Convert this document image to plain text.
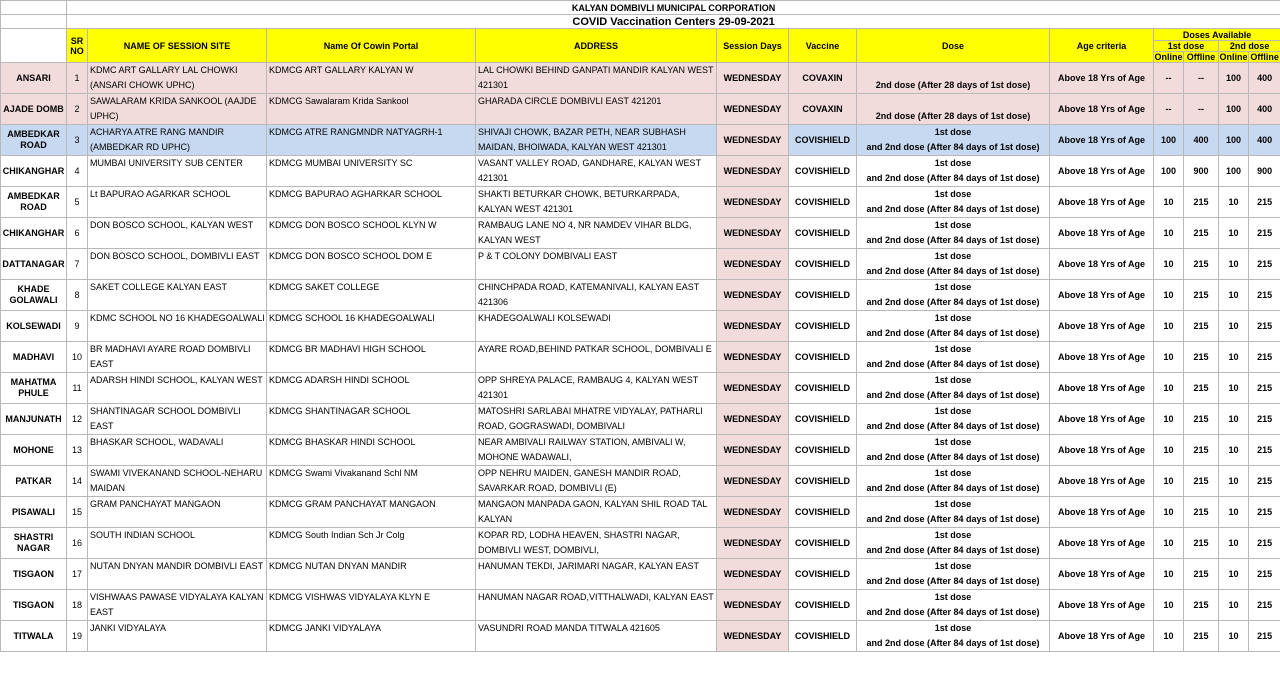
	KALYAN DOMBIVLI MUNICIPAL CORPORATION											
	COVID Vaccination Centers 29-09-2021											
	SR NO	NAME OF SESSION SITE	Name Of Cowin Portal	ADDRESS	Session Days	Vaccine	Dose	Age criteria	Doses Available			
									1st dose		2nd dose	
									Online	Offline	Online	Offline
ANSARI	1	KDMC ART GALLARY LAL CHOWKI (ANSARI CHOWK UPHC)	KDMCG ART GALLARY KALYAN W	LAL CHOWKI BEHIND GANPATI MANDIR KALYAN WEST 421301	WEDNESDAY	COVAXIN	2nd dose (After 28 days of 1st dose)	Above 18 Yrs of Age	--	--	100	400
AJADE DOMB	2	SAWALARAM KRIDA SANKOOL (AAJDE UPHC)	KDMCG Sawalaram Krida Sankool	GHARADA CIRCLE DOMBIVLI EAST 421201	WEDNESDAY	COVAXIN	2nd dose (After 28 days of 1st dose)	Above 18 Yrs of Age	--	--	100	400
AMBEDKAR ROAD	3	ACHARYA ATRE RANG MANDIR (AMBEDKAR RD UPHC)	KDMCG ATRE RANGMNDR NATYAGRH-1	SHIVAJI CHOWK, BAZAR PETH, NEAR SUBHASH MAIDAN, BHOIWADA, KALYAN WEST 421301	WEDNESDAY	COVISHIELD	1st dose
and 2nd dose (After 84 days of 1st dose)	Above 18 Yrs of Age	100	400	100	400
CHIKANGHAR	4	MUMBAI UNIVERSITY SUB CENTER	KDMCG MUMBAI UNIVERSITY SC	VASANT VALLEY ROAD, GANDHARE, KALYAN WEST 421301	WEDNESDAY	COVISHIELD	1st dose
and 2nd dose (After 84 days of 1st dose)	Above 18 Yrs of Age	100	900	100	900
AMBEDKAR ROAD	5	Lt BAPURAO AGARKAR SCHOOL	KDMCG BAPURAO AGHARKAR SCHOOL	SHAKTI BETURKAR CHOWK, BETURKARPADA, KALYAN WEST 421301	WEDNESDAY	COVISHIELD	1st dose
and 2nd dose (After 84 days of 1st dose)	Above 18 Yrs of Age	10	215	10	215
CHIKANGHAR	6	DON BOSCO SCHOOL, KALYAN WEST	KDMCG DON BOSCO SCHOOL KLYN W	RAMBAUG LANE NO 4, NR NAMDEV VIHAR BLDG, KALYAN WEST	WEDNESDAY	COVISHIELD	1st dose
and 2nd dose (After 84 days of 1st dose)	Above 18 Yrs of Age	10	215	10	215
DATTANAGAR	7	DON BOSCO SCHOOL, DOMBIVLI EAST	KDMCG DON BOSCO SCHOOL DOM E	P & T COLONY DOMBIVALI EAST	WEDNESDAY	COVISHIELD	1st dose
and 2nd dose (After 84 days of 1st dose)	Above 18 Yrs of Age	10	215	10	215
KHADE GOLAWALI	8	SAKET COLLEGE KALYAN EAST	KDMCG SAKET COLLEGE	CHINCHPADA ROAD, KATEMANIVALI, KALYAN EAST 421306	WEDNESDAY	COVISHIELD	1st dose
and 2nd dose (After 84 days of 1st dose)	Above 18 Yrs of Age	10	215	10	215
KOLSEWADI	9	KDMC SCHOOL NO 16 KHADEGOALWALI	KDMCG SCHOOL 16 KHADEGOALWALI	KHADEGOALWALI KOLSEWADI	WEDNESDAY	COVISHIELD	1st dose
and 2nd dose (After 84 days of 1st dose)	Above 18 Yrs of Age	10	215	10	215
MADHAVI	10	BR MADHAVI AYARE ROAD DOMBIVLI EAST	KDMCG BR MADHAVI HIGH SCHOOL	AYARE ROAD,BEHIND PATKAR SCHOOL, DOMBIVALI E	WEDNESDAY	COVISHIELD	1st dose
and 2nd dose (After 84 days of 1st dose)	Above 18 Yrs of Age	10	215	10	215
MAHATMA PHULE	11	ADARSH HINDI SCHOOL, KALYAN WEST	KDMCG ADARSH HINDI SCHOOL	OPP SHREYA PALACE, RAMBAUG 4, KALYAN WEST 421301	WEDNESDAY	COVISHIELD	1st dose
and 2nd dose (After 84 days of 1st dose)	Above 18 Yrs of Age	10	215	10	215
MANJUNATH	12	SHANTINAGAR SCHOOL DOMBIVLI EAST	KDMCG SHANTINAGAR SCHOOL	MATOSHRI SARLABAI MHATRE VIDYALAY, PATHARLI ROAD, GOGRASWADI, DOMBIVALI	WEDNESDAY	COVISHIELD	1st dose
and 2nd dose (After 84 days of 1st dose)	Above 18 Yrs of Age	10	215	10	215
MOHONE	13	BHASKAR SCHOOL, WADAVALI	KDMCG BHASKAR HINDI SCHOOL	NEAR AMBIVALI RAILWAY STATION, AMBIVALI W, MOHONE WADAWALI,	WEDNESDAY	COVISHIELD	1st dose
and 2nd dose (After 84 days of 1st dose)	Above 18 Yrs of Age	10	215	10	215
PATKAR	14	SWAMI VIVEKANAND SCHOOL-NEHARU MAIDAN	KDMCG Swami Vivakanand Schl NM	OPP NEHRU MAIDEN, GANESH MANDIR ROAD, SAVARKAR ROAD, DOMBIVLI (E)	WEDNESDAY	COVISHIELD	1st dose
and 2nd dose (After 84 days of 1st dose)	Above 18 Yrs of Age	10	215	10	215
PISAWALI	15	GRAM PANCHAYAT MANGAON	KDMCG GRAM PANCHAYAT MANGAON	MANGAON MANPADA GAON, KALYAN SHIL ROAD TAL KALYAN	WEDNESDAY	COVISHIELD	1st dose
and 2nd dose (After 84 days of 1st dose)	Above 18 Yrs of Age	10	215	10	215
SHASTRI NAGAR	16	SOUTH INDIAN SCHOOL	KDMCG South Indian Sch Jr Colg	KOPAR RD, LODHA HEAVEN, SHASTRI NAGAR, DOMBIVLI WEST, DOMBIVLI,	WEDNESDAY	COVISHIELD	1st dose
and 2nd dose (After 84 days of 1st dose)	Above 18 Yrs of Age	10	215	10	215
TISGAON	17	NUTAN DNYAN MANDIR DOMBIVLI EAST	KDMCG NUTAN DNYAN MANDIR	HANUMAN TEKDI, JARIMARI NAGAR, KALYAN EAST	WEDNESDAY	COVISHIELD	1st dose
and 2nd dose (After 84 days of 1st dose)	Above 18 Yrs of Age	10	215	10	215
TISGAON	18	VISHWAAS PAWASE VIDYALAYA KALYAN EAST	KDMCG VISHWAS VIDYALAYA KLYN E	HANUMAN NAGAR ROAD,VITTHALWADI, KALYAN EAST	WEDNESDAY	COVISHIELD	1st dose
and 2nd dose (After 84 days of 1st dose)	Above 18 Yrs of Age	10	215	10	215
TITWALA	19	JANKI VIDYALAYA	KDMCG JANKI VIDYALAYA	VASUNDRI ROAD MANDA TITWALA 421605	WEDNESDAY	COVISHIELD	1st dose
and 2nd dose (After 84 days of 1st dose)	Above 18 Yrs of Age	10	215	10	215
